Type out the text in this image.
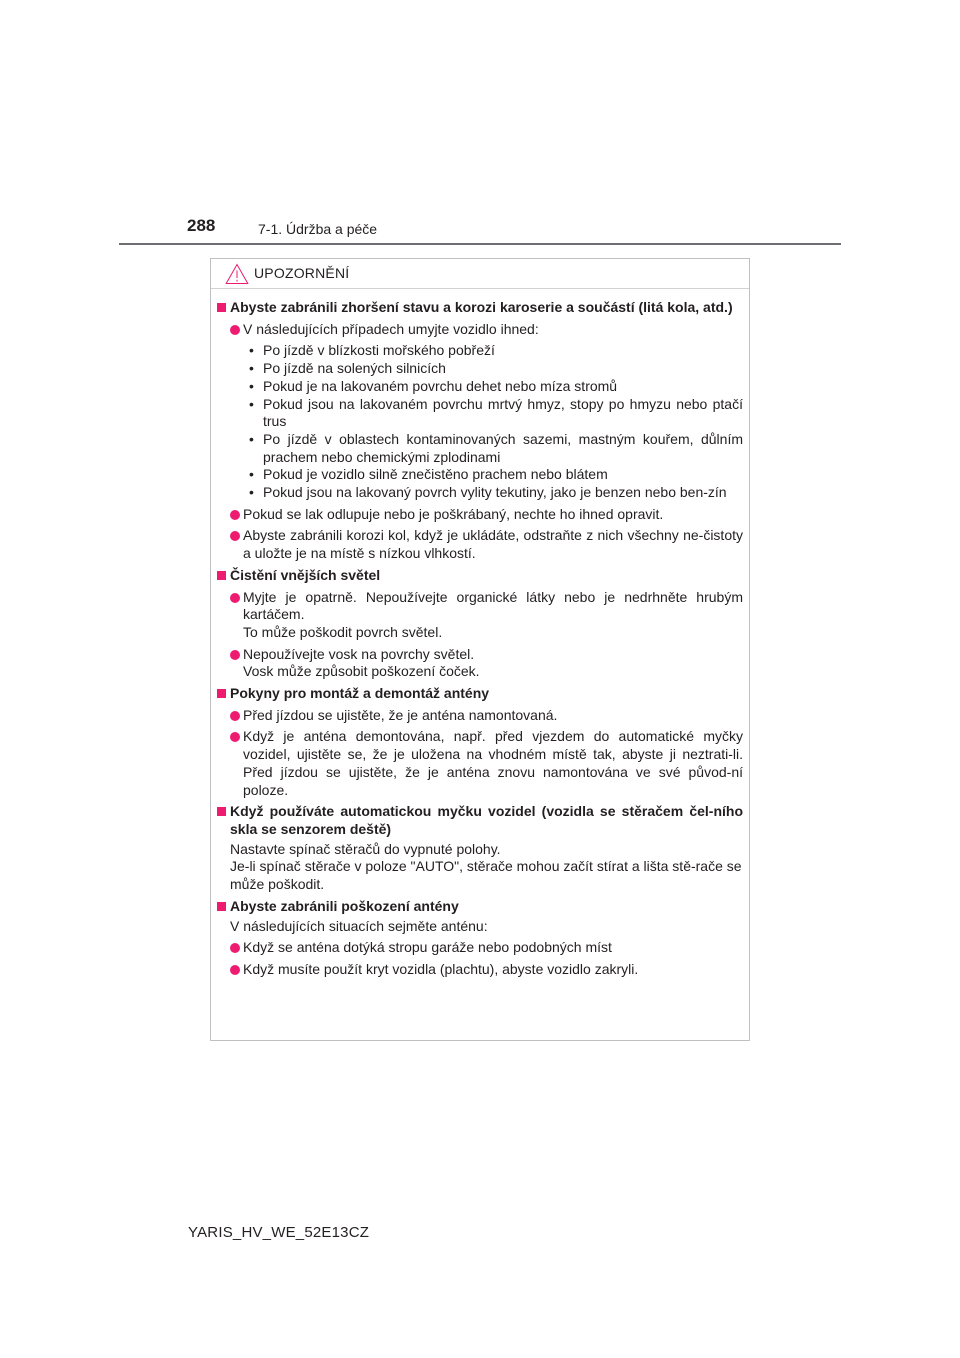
288	7-1. Údržba a péče
UPOZORNĚNÍ
Abyste zabránili zhoršení stavu a korozi karoserie a součástí (litá kola, atd.)
V následujících případech umyjte vozidlo ihned:
• Po jízdě v blízkosti mořského pobřeží
• Po jízdě na solených silnicích
• Pokud je na lakovaném povrchu dehet nebo míza stromů
• Pokud jsou na lakovaném povrchu mrtvý hmyz, stopy po hmyzu nebo ptačí trus
• Po jízdě v oblastech kontaminovaných sazemi, mastným kouřem, důlním prachem nebo chemickými zplodinami
• Pokud je vozidlo silně znečistěno prachem nebo blátem
• Pokud jsou na lakovaný povrch vylity tekutiny, jako je benzen nebo ben-zín
Pokud se lak odlupuje nebo je poškrábaný, nechte ho ihned opravit.
Abyste zabránili korozi kol, když je ukládáte, odstraňte z nich všechny ne-čistoty a uložte je na místě s nízkou vlhkostí.
Čistění vnějších světel
Myjte je opatrně. Nepoužívejte organické látky nebo je nedrhněte hrubým kartáčem.
To může poškodit povrch světel.
Nepoužívejte vosk na povrchy světel.
Vosk může způsobit poškození čoček.
Pokyny pro montáž a demontáž antény
Před jízdou se ujistěte, že je anténa namontovaná.
Když je anténa demontována, např. před vjezdem do automatické myčky vozidel, ujistěte se, že je uložena na vhodném místě tak, abyste ji neztrati-li. Před jízdou se ujistěte, že je anténa znovu namontována ve své původ-ní poloze.
Když používáte automatickou myčku vozidel (vozidla se stěračem čel-ního skla se senzorem deště)
Nastavte spínač stěračů do vypnuté polohy.
Je-li spínač stěrače v poloze "AUTO", stěrače mohou začít stírat a lišta stě-rače se může poškodit.
Abyste zabránili poškození antény
V následujících situacích sejměte anténu:
Když se anténa dotýká stropu garáže nebo podobných míst
Když musíte použít kryt vozidla (plachtu), abyste vozidlo zakryli.
YARIS_HV_WE_52E13CZ
